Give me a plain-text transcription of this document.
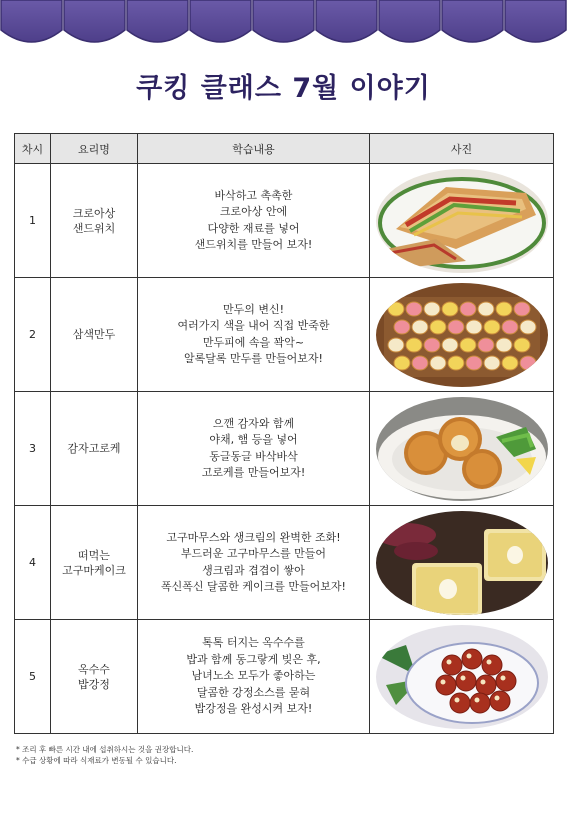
쿠킹 클래스 7월 이야기
차시	요리명	학습내용	사진
1	크로아상
샌드위치	바삭하고 촉촉한
크로아상 안에
다양한 재료를 넣어
샌드위치를 만들어 보자!

2	삼색만두	만두의 변신!
여러가지 색을 내어 직접 반죽한
만두피에 속을 꽉악~
알록달록 만두를 만들어보자!

3	감자고로케	으깬 감자와 함께
야채, 햄 등을 넣어
동글동글 바삭바삭
고로케를 만들어보자!

4	떠먹는
고구마케이크	고구마무스와 생크림의 완벽한 조화!
부드러운 고구마무스를 만들어
생크림과 겹겹이 쌓아
폭신폭신 달콤한 케이크를 만들어보자!

5	옥수수
밥강정	톡톡 터지는 옥수수를
밥과 함께 동그랗게 빚은 후,
남녀노소 모두가 좋아하는
달콤한 강정소스를 묻혀
밥강정을 완성시켜 보자!

* 조리 후 빠른 시간 내에 섭취하시는 것을 권장합니다.
* 수급 상황에 따라 식재료가 변동될 수 있습니다.
